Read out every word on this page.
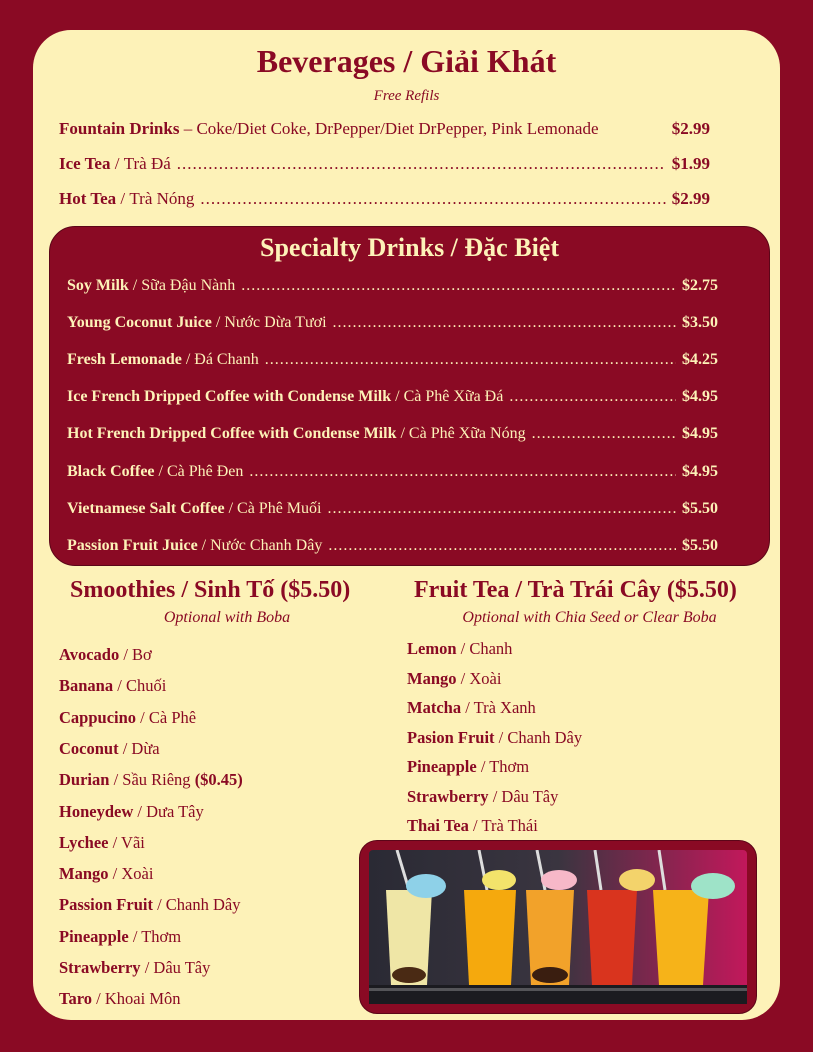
Beverages / Giải Khát
Free Refils
Fountain Drinks – Coke/Diet Coke, DrPepper/Diet DrPepper, Pink Lemonade	$2.99
Ice Tea / Trà Đá .....	$1.99
Hot Tea / Trà Nóng .....	$2.99
Specialty Drinks / Đặc Biệt
Soy Milk / Sữa Đậu Nành .....	$2.75
Young Coconut Juice / Nước Dừa Tươi .....	$3.50
Fresh Lemonade / Đá Chanh .....	$4.25
Ice French Dripped Coffee with Condense Milk / Cà Phê Xữa Đá .....	$4.95
Hot French Dripped Coffee with Condense Milk / Cà Phê Xữa Nóng .....	$4.95
Black Coffee / Cà Phê Đen .....	$4.95
Vietnamese Salt Coffee / Cà Phê Muối .....	$5.50
Passion Fruit Juice / Nước Chanh Dây .....	$5.50
Smoothies / Sinh Tố ($5.50)
Optional with Boba
Avocado / Bơ
Banana / Chuối
Cappucino / Cà Phê
Coconut / Dừa
Durian / Sầu Riêng ($0.45)
Honeydew / Dưa Tây
Lychee / Vãi
Mango / Xoài
Passion Fruit / Chanh Dây
Pineapple / Thơm
Strawberry / Dâu Tây
Taro / Khoai Môn
Fruit Tea / Trà Trái Cây ($5.50)
Optional with Chia Seed or Clear Boba
Lemon / Chanh
Mango / Xoài
Matcha / Trà Xanh
Pasion Fruit / Chanh Dây
Pineapple / Thơm
Strawberry / Dâu Tây
Thai Tea / Trà Thái
